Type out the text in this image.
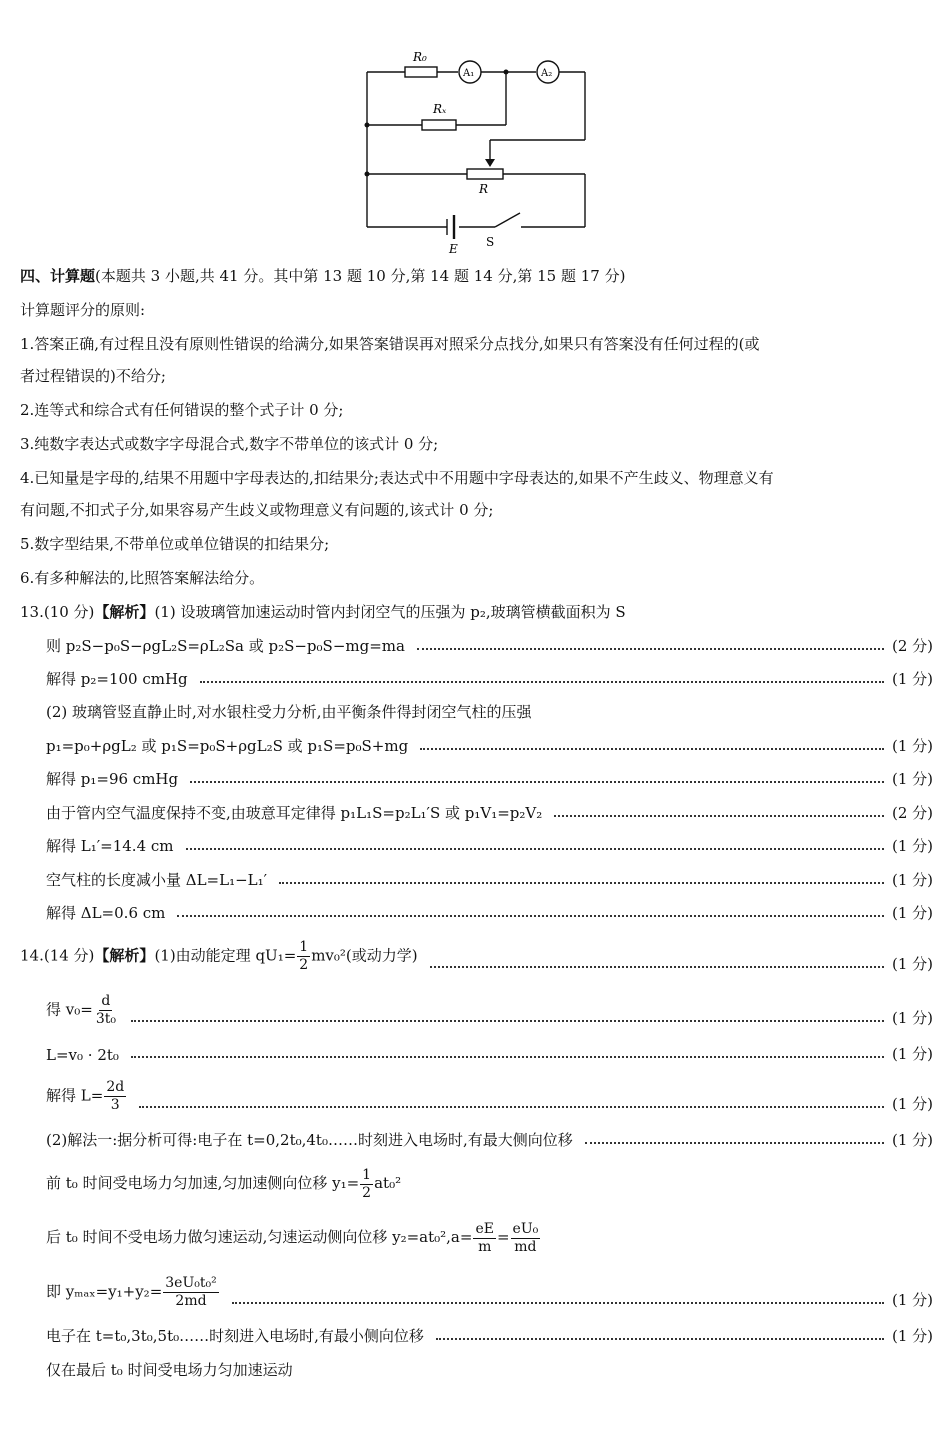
R₀
A₁	A₂
Rₓ
R
E S
四、计算题(本题共 3 小题,共 41 分。其中第 13 题 10 分,第 14 题 14 分,第 15 题 17 分)
计算题评分的原则:
1.答案正确,有过程且没有原则性错误的给满分,如果答案错误再对照采分点找分,如果只有答案没有任何过程的(或
者过程错误的)不给分;
2.连等式和综合式有任何错误的整个式子计 0 分;
3.纯数字表达式或数字字母混合式,数字不带单位的该式计 0 分;
4.已知量是字母的,结果不用题中字母表达的,扣结果分;表达式中不用题中字母表达的,如果不产生歧义、物理意义有
有问题,不扣式子分,如果容易产生歧义或物理意义有问题的,该式计 0 分;
5.数字型结果,不带单位或单位错误的扣结果分;
6.有多种解法的,比照答案解法给分。
13.(10 分)【解析】(1) 设玻璃管加速运动时管内封闭空气的压强为 p₂,玻璃管横截面积为 S
则 p₂S−p₀S−ρgL₂S=ρL₂Sa 或 p₂S−p₀S−mg=ma	(2 分)
解得 p₂=100 cmHg	(1 分)
(2) 玻璃管竖直静止时,对水银柱受力分析,由平衡条件得封闭空气柱的压强
p₁=p₀+ρgL₂ 或 p₁S=p₀S+ρgL₂S 或 p₁S=p₀S+mg	(1 分)
解得 p₁=96 cmHg	(1 分)
由于管内空气温度保持不变,由玻意耳定律得 p₁L₁S=p₂L₁′S 或 p₁V₁=p₂V₂	(2 分)
解得 L₁′=14.4 cm	(1 分)
空气柱的长度减小量 ΔL=L₁−L₁′	(1 分)
解得 ΔL=0.6 cm	(1 分)
14.(14 分)【解析】(1)由动能定理 $qU_1= \frac{1}{2} mv_0^2$(或动力学)	(1 分)
得 $v_0= \frac{d}{\text{3t₀}}$	(1 分)
L=v₀ · 2t₀	(1 分)
解得 $L= \frac{2d}{3}$	(1 分)
(2)解法一:据分析可得:电子在 t=0,2t₀,4t₀……时刻进入电场时,有最大侧向位移	(1 分)
前 t₀ 时间受电场力匀加速,匀加速侧向位移 $y_1= \frac{1}{2} at_0^2$
后 t₀ 时间不受电场力做匀速运动,匀速运动侧向位移 $y_2=at_0^2,a= \frac{eE}{m} = \frac{\text{eU₀}}{md}$
即 $y_{max}=y_1+y_2= \frac{\text{3eU₀t₀²}}{2md}$	(1 分)
电子在 t=t₀,3t₀,5t₀……时刻进入电场时,有最小侧向位移	(1 分)
仅在最后 t₀ 时间受电场力匀加速运动
